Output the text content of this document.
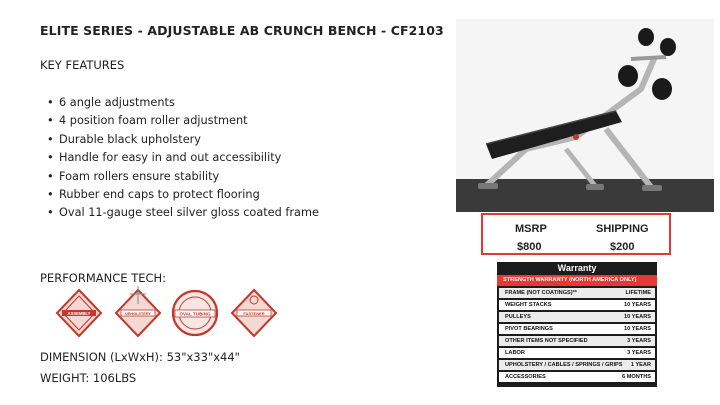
ELITE SERIES - ADJUSTABLE AB CRUNCH BENCH - CF2103
KEY FEATURES
• 6 angle adjustments
• 4 position foam roller adjustment
• Durable black upholstery
• Handle for easy in and out accessibility
• Foam rollers ensure stability
• Rubber end caps to protect flooring
• Oval 11-gauge steel silver gloss coated frame
PERFORMANCE TECH:
ASSEMBLY	UPHOLSTERY	OVAL TUBING	FASTENER
DIMENSION (LxWxH): 53"x33"x44"
WEIGHT: 106LBS
MSRP	SHIPPING
$800	$200
Warranty
STRENGTH WARRANTY (NORTH AMERICA ONLY)
FRAME (NOT COATINGS)**	LIFETIME
WEIGHT STACKS	10 YEARS
PULLEYS	10 YEARS
PIVOT BEARINGS	10 YEARS
OTHER ITEMS NOT SPECIFIED	3 YEARS
LABOR	3 YEARS
UPHOLSTERY / CABLES / SPRINGS / GRIPS 1 YEAR
ACCESSORIES	6 MONTHS
